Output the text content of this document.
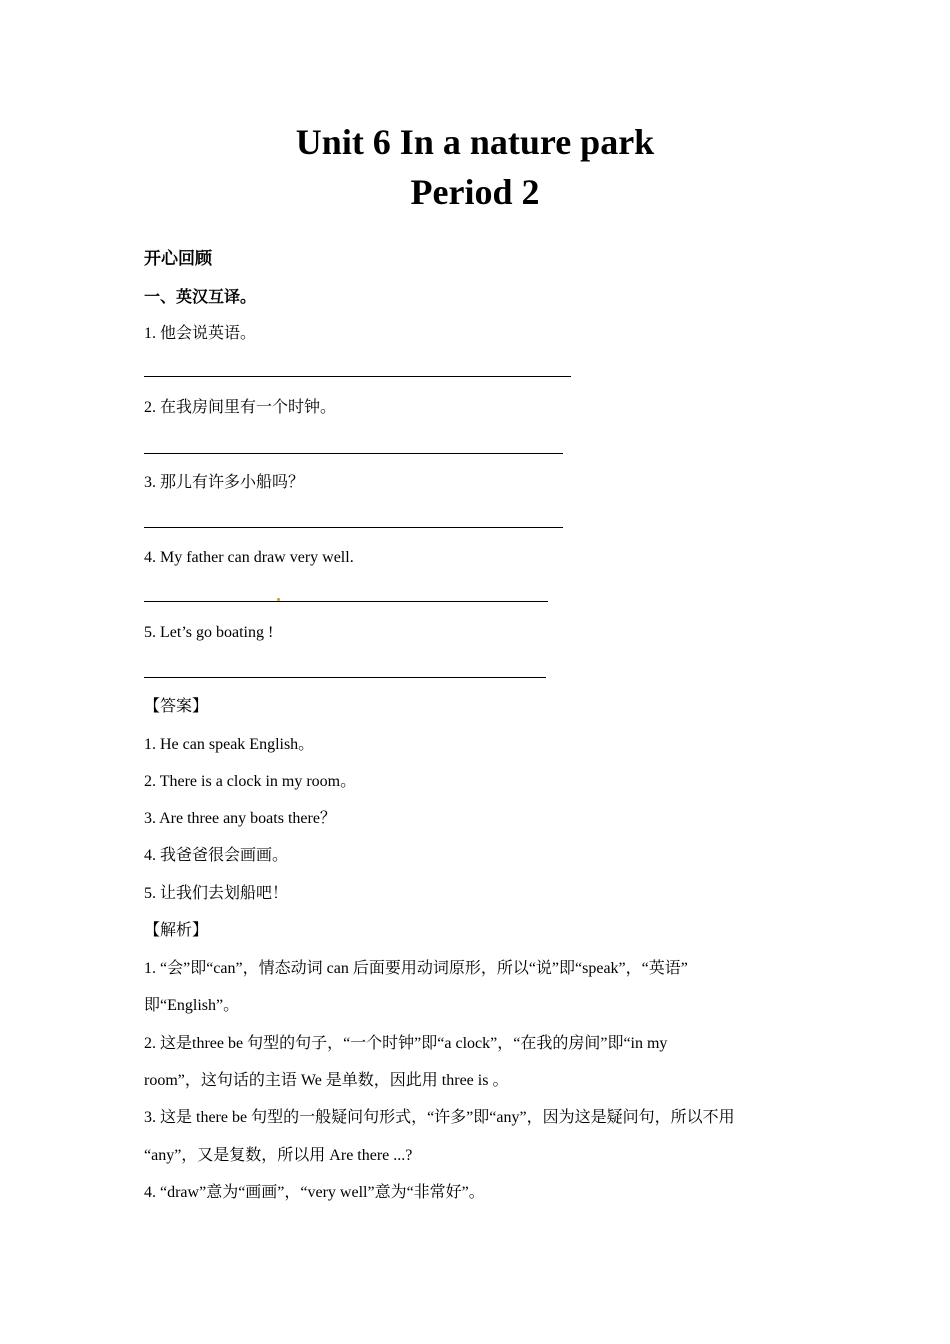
Unit 6 In a nature park
Period 2
开心回顾
一、英汉互译。
1. 他会说英语。
2. 在我房间里有一个时钟。
3. 那儿有许多小船吗？
4. My father can draw very well.
5. Let’s go boating !
【答案】
1. He can speak English。
2. There is a clock in my room。
3. Are three any boats there？
4. 我爸爸很会画画。
5. 让我们去划船吧！
【解析】
1. “会”即“can”，情态动词 can 后面要用动词原形，所以“说”即“speak”，“英语”
即“English”。
2. 这是three be 句型的句子，“一个时钟”即“a clock”，“在我的房间”即“in my
room”，这句话的主语 We 是单数，因此用 three is 。
3. 这是 there be 句型的一般疑问句形式，“许多”即“any”，因为这是疑问句，所以不用
“any”，又是复数，所以用 Are there ...?
4. “draw”意为“画画”，“very well”意为“非常好”。
